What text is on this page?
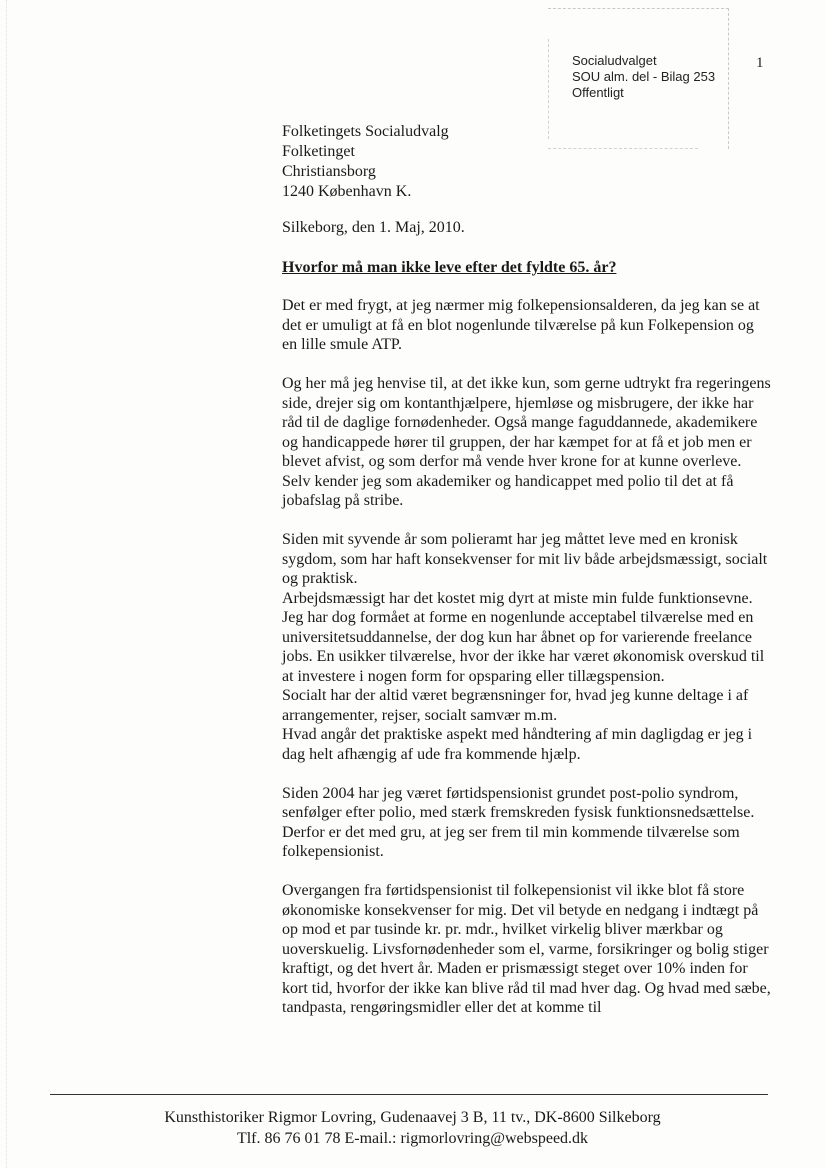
Socialudvalget
SOU alm. del - Bilag 253
Offentligt
1
Folketingets Socialudvalg
Folketinget
Christiansborg
1240 København K.
Silkeborg, den 1. Maj, 2010.
Hvorfor må man ikke leve efter det fyldte 65. år?

Det er med frygt, at jeg nærmer mig folkepensionsalderen, da jeg kan se at det er umuligt at få en blot nogenlunde tilværelse på kun Folkepension og en lille smule ATP.

Og her må jeg henvise til, at det ikke kun, som gerne udtrykt fra regeringens side, drejer sig om kontanthjælpere, hjemløse og misbrugere, der ikke har råd til de daglige fornødenheder. Også mange faguddannede, akademikere og handicappede hører til gruppen, der har kæmpet for at få et job men er blevet afvist, og som derfor må vende hver krone for at kunne overleve. Selv kender jeg som akademiker og handicappet med polio til det at få jobafslag på stribe.

Siden mit syvende år som polieramt har jeg måttet leve med en kronisk sygdom, som har haft konsekvenser for mit liv både arbejdsmæssigt, socialt og praktisk.
Arbejdsmæssigt har det kostet mig dyrt at miste min fulde funktionsevne. Jeg har dog formået at forme en nogenlunde acceptabel tilværelse med en universitetsuddannelse, der dog kun har åbnet op for varierende freelance jobs. En usikker tilværelse, hvor der ikke har været økonomisk overskud til at investere i nogen form for opsparing eller tillægspension.
Socialt har der altid været begrænsninger for, hvad jeg kunne deltage i af arrangementer, rejser, socialt samvær m.m.
Hvad angår det praktiske aspekt med håndtering af min dagligdag er jeg i dag helt afhængig af ude fra kommende hjælp.

Siden 2004 har jeg været førtidspensionist grundet post-polio syndrom, senfølger efter polio, med stærk fremskreden fysisk funktionsnedsættelse.
Derfor er det med gru, at jeg ser frem til min kommende tilværelse som folkepensionist.

Overgangen fra førtidspensionist til folkepensionist vil ikke blot få store økonomiske konsekvenser for mig. Det vil betyde en nedgang i indtægt på op mod et par tusinde kr. pr. mdr., hvilket virkelig bliver mærkbar og uoverskuelig. Livsfornødenheder som el, varme, forsikringer og bolig stiger kraftigt, og det hvert år. Maden er prismæssigt steget over 10% inden for kort tid, hvorfor der ikke kan blive råd til mad hver dag. Og hvad med sæbe, tandpasta, rengøringsmidler eller det at komme til

Kunsthistoriker Rigmor Lovring, Gudenaavej 3 B, 11 tv., DK-8600 Silkeborg
Tlf. 86 76 01 78 E-mail.: rigmorlovring@webspeed.dk
